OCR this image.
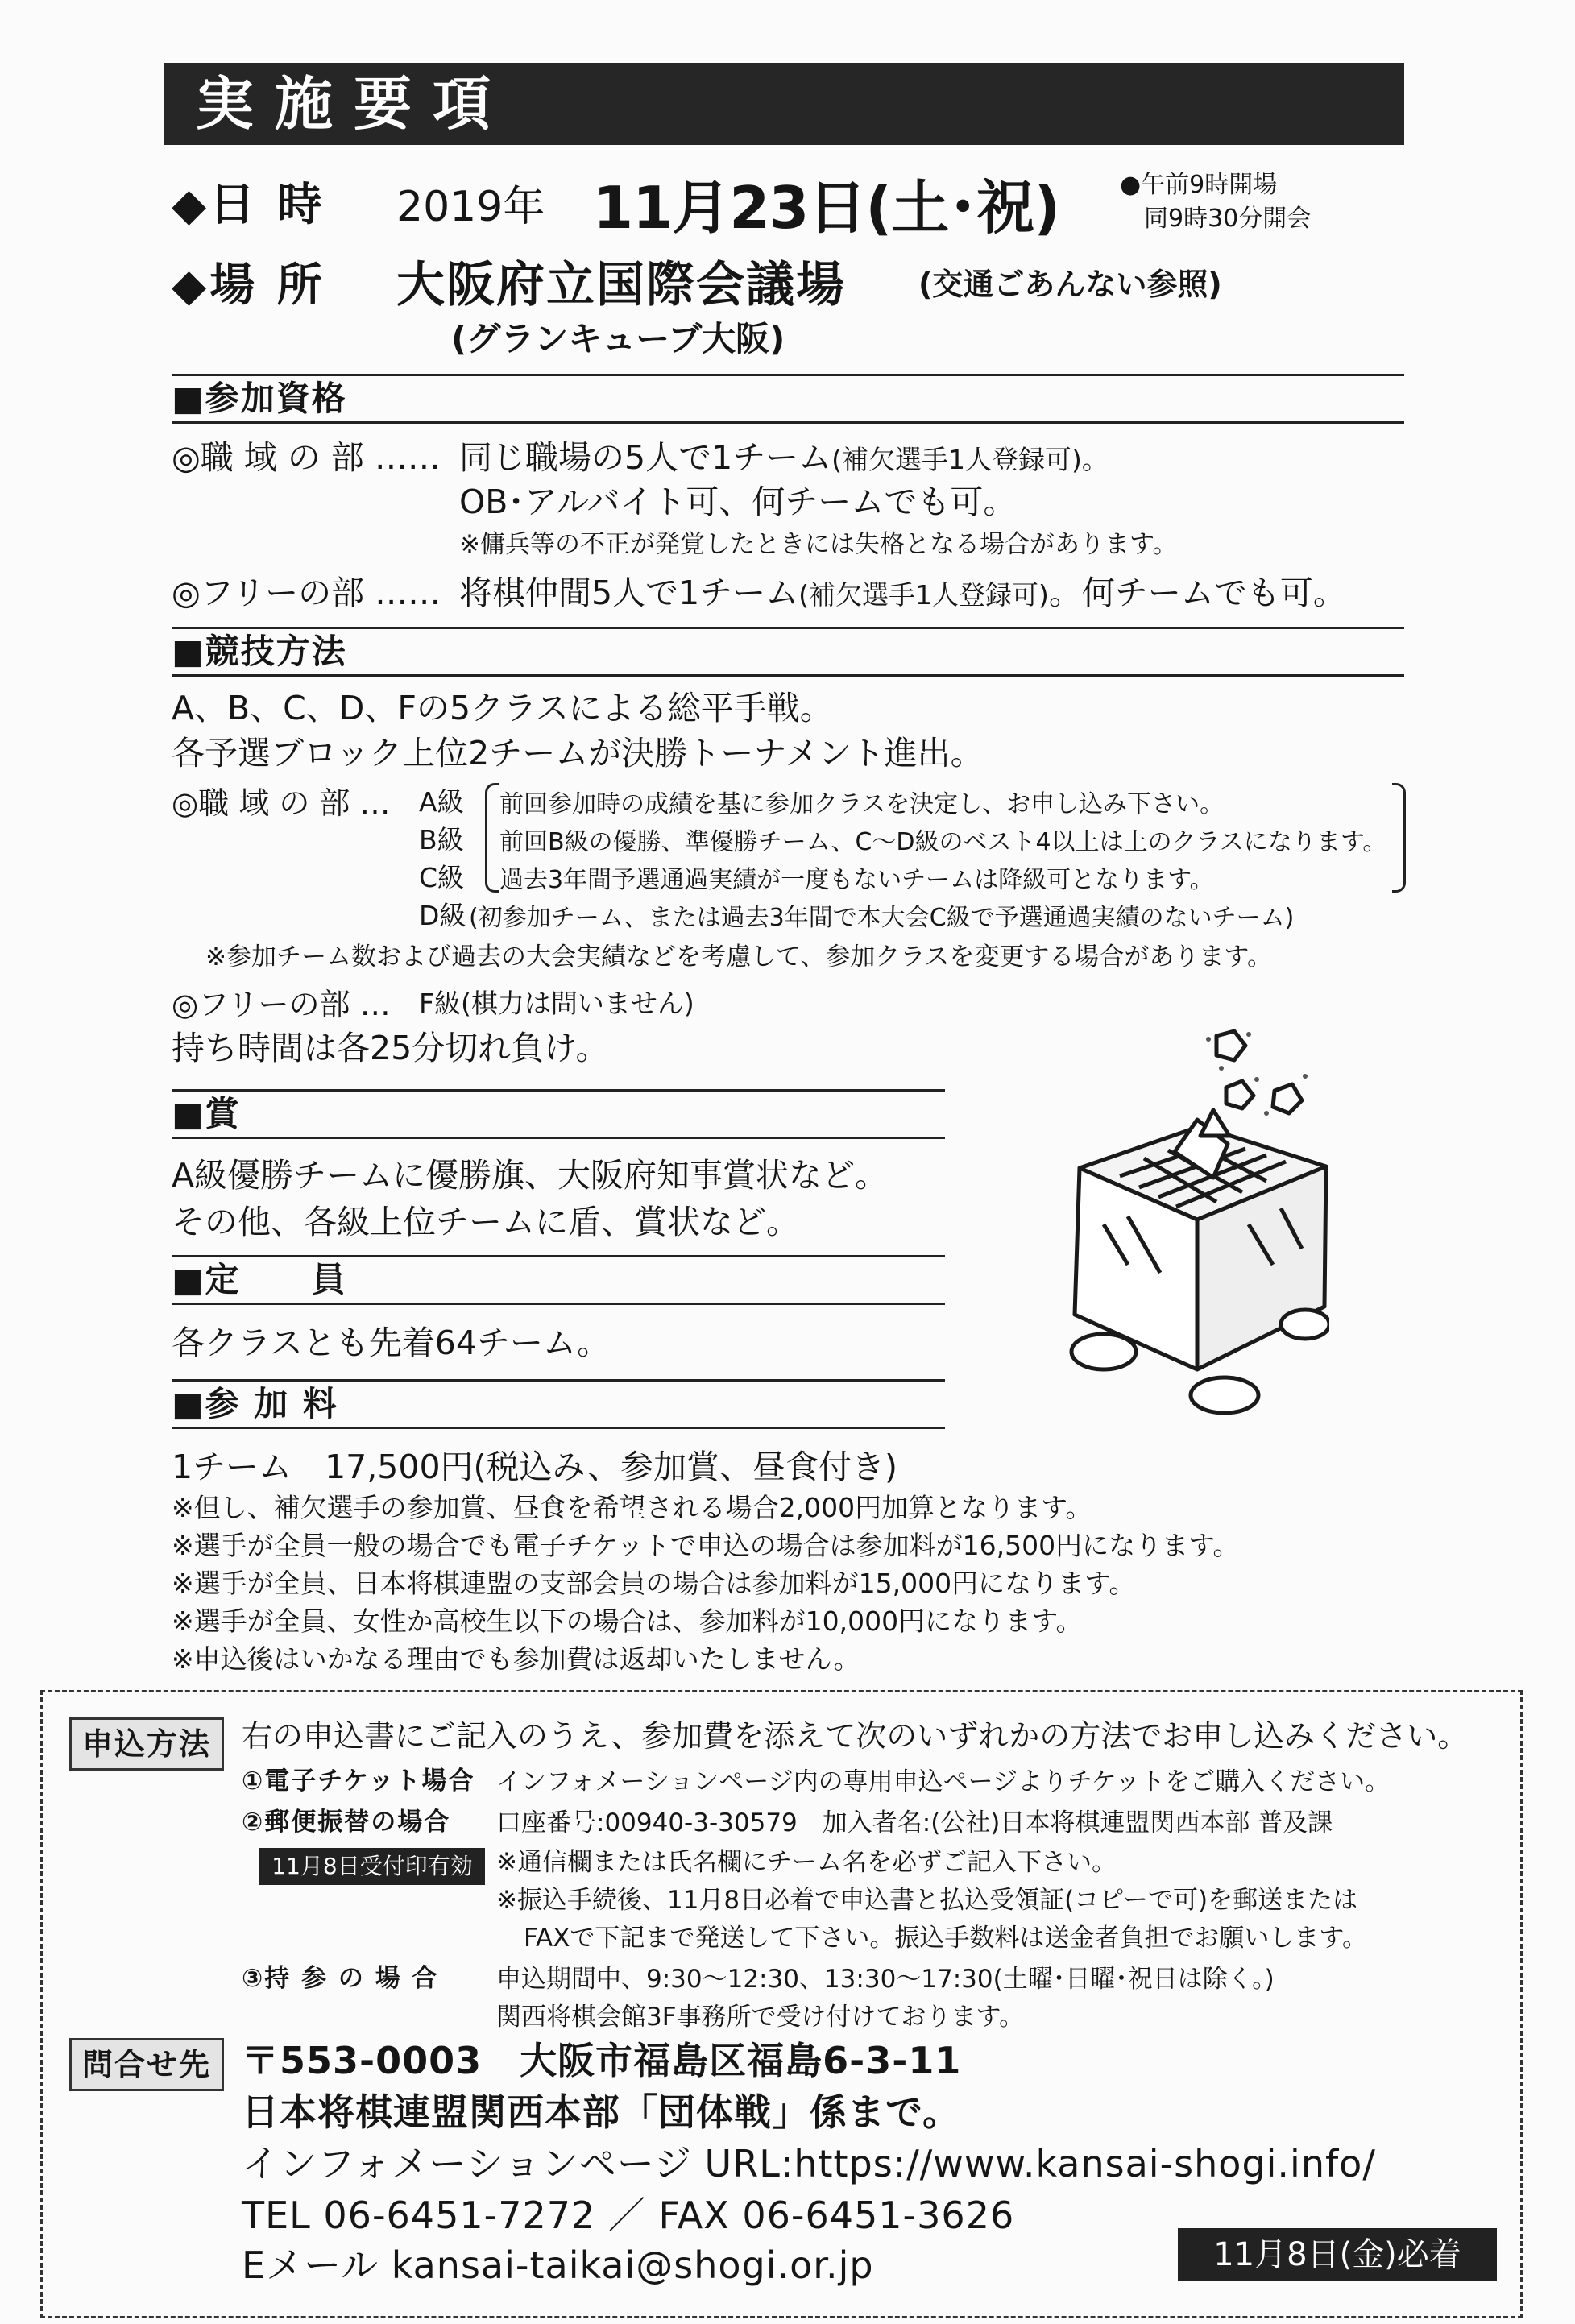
実施要項
◆日 時 2019年 11月23日(土･祝) ●午前9時開場
同9時30分開会
◆場 所 大阪府立国際会議場 (交通ごあんない参照)
(グランキューブ大阪)
■参加資格
◎職 域 の 部 …… 同じ職場の5人で1チーム(補欠選手1人登録可)。
OB･アルバイト可、何チームでも可。
※傭兵等の不正が発覚したときには失格となる場合があります。
◎フリーの部 …… 将棋仲間5人で1チーム(補欠選手1人登録可)。何チームでも可。
■競技方法
A、B、C、D、Fの5クラスによる総平手戦。
各予選ブロック上位2チームが決勝トーナメント進出。
◎職 域 の 部 … A級
B級
C級
前回参加時の成績を基に参加クラスを決定し、お申し込み下さい。
前回B級の優勝、準優勝チーム、C～D級のベスト4以上は上のクラスになります。
過去3年間予選通過実績が一度もないチームは降級可となります。
D級 (初参加チーム、または過去3年間で本大会C級で予選通過実績のないチーム)
※参加チーム数および過去の大会実績などを考慮して、参加クラスを変更する場合があります。
◎フリーの部 … F級(棋力は問いません)
持ち時間は各25分切れ負け。
■賞
A級優勝チームに優勝旗、大阪府知事賞状など。
その他、各級上位チームに盾、賞状など。
■定　　員
各クラスとも先着64チーム。
■参 加 料
1チーム　17,500円(税込み、参加賞、昼食付き)
※但し、補欠選手の参加賞、昼食を希望される場合2,000円加算となります。
※選手が全員一般の場合でも電子チケットで申込の場合は参加料が16,500円になります。
※選手が全員、日本将棋連盟の支部会員の場合は参加料が15,000円になります。
※選手が全員、女性か高校生以下の場合は、参加料が10,000円になります。
※申込後はいかなる理由でも参加費は返却いたしません。
申込方法	右の申込書にご記入のうえ、参加費を添えて次のいずれかの方法でお申し込みください。
①電子チケット場合 インフォメーションページ内の専用申込ページよりチケットをご購入ください。
②郵便振替の場合 口座番号:00940-3-30579　加入者名:(公社)日本将棋連盟関西本部 普及課
11月8日受付印有効 ※通信欄または氏名欄にチーム名を必ずご記入下さい。
※振込手続後、11月8日必着で申込書と払込受領証(コピーで可)を郵送または
FAXで下記まで発送して下さい。振込手数料は送金者負担でお願いします。
③持 参 の 場 合 申込期間中、9:30～12:30、13:30～17:30(土曜･日曜･祝日は除く。)
関西将棋会館3F事務所で受け付けております。
問合せ先 〒553-0003　大阪市福島区福島6-3-11
日本将棋連盟関西本部「団体戦」係まで。
インフォメーションページ URL:https://www.kansai-shogi.info/
TEL 06-6451-7272 ／ FAX 06-6451-3626
Eメール kansai-taikai@shogi.or.jp	11月8日(金)必着
